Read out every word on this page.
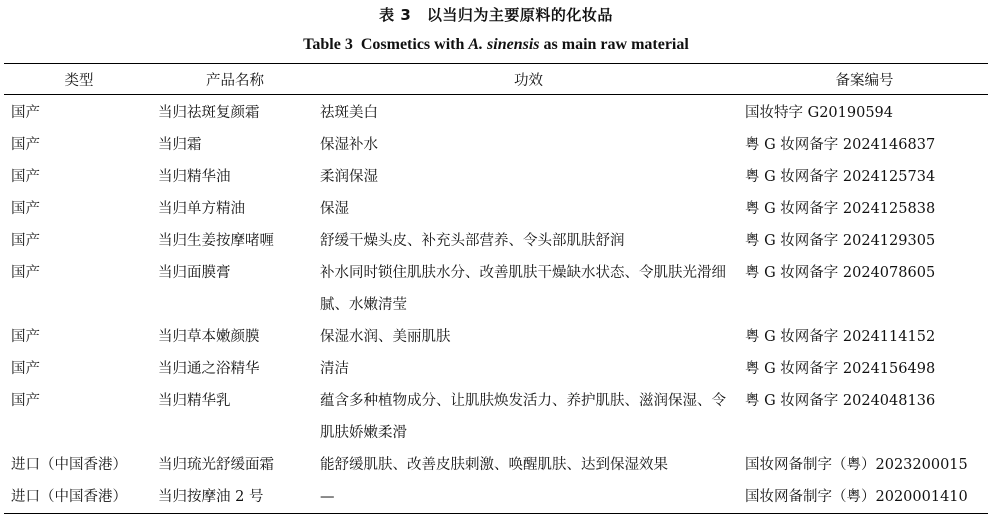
表 3　以当归为主要原料的化妆品
Table 3 Cosmetics with A. sinensis as main raw material
类型	产品名称	功效	备案编号
国产	当归祛斑复颜霜	祛斑美白	国妆特字 G20190594
国产	当归霜	保湿补水	粤 G 妆网备字 2024146837
国产	当归精华油	柔润保湿	粤 G 妆网备字 2024125734
国产	当归单方精油	保湿	粤 G 妆网备字 2024125838
国产	当归生姜按摩啫喱	舒缓干燥头皮、补充头部营养、令头部肌肤舒润	粤 G 妆网备字 2024129305
国产	当归面膜膏	补水同时锁住肌肤水分、改善肌肤干燥缺水状态、令肌肤光滑细腻、水嫩清莹	粤 G 妆网备字 2024078605
国产	当归草本嫩颜膜	保湿水润、美丽肌肤	粤 G 妆网备字 2024114152
国产	当归通之浴精华	清洁	粤 G 妆网备字 2024156498
国产	当归精华乳	蕴含多种植物成分、让肌肤焕发活力、养护肌肤、滋润保湿、令肌肤娇嫩柔滑	粤 G 妆网备字 2024048136
进口（中国香港）	当归琉光舒缓面霜	能舒缓肌肤、改善皮肤刺激、唤醒肌肤、达到保湿效果	国妆网备制字（粤）2023200015
进口（中国香港）	当归按摩油 2 号	—	国妆网备制字（粤）2020001410
